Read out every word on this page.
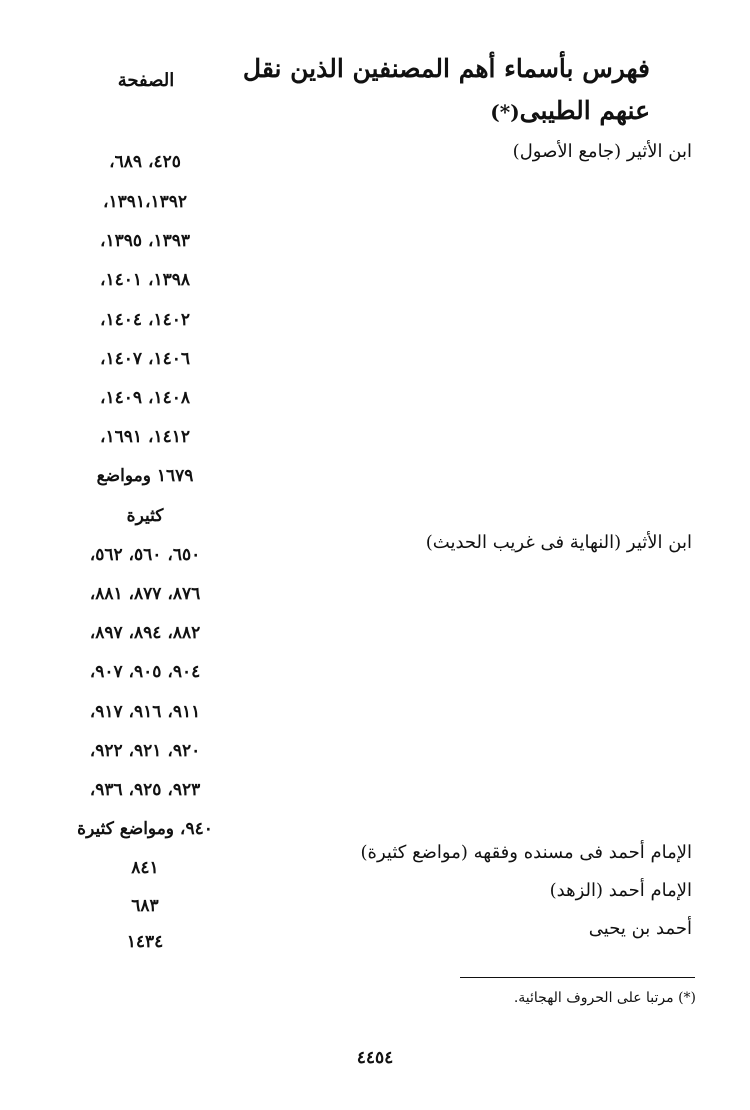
فهرس بأسماء أهم المصنفين الذين نقل عنهم الطيبى(*)
الصفحة
ابن الأثير (جامع الأصول)
ابن الأثير (النهاية فى غريب الحديث)
الإمام أحمد فى مسنده وفقهه (مواضع كثيرة)
الإمام أحمد (الزهد)
أحمد بن يحيى
٤٢٥، ٦٨٩،
١٣٩١،١٣٩٢،
١٣٩٣، ١٣٩٥،
١٣٩٨، ١٤٠١،
١٤٠٢، ١٤٠٤،
١٤٠٦، ١٤٠٧،
١٤٠٨، ١٤٠٩،
١٤١٢، ١٦٩١،
١٦٧٩ ومواضع
كثيرة
٦٥٠، ٥٦٠، ٥٦٢،
٨٧٦، ٨٧٧، ٨٨١،
٨٨٢، ٨٩٤، ٨٩٧،
٩٠٤، ٩٠٥، ٩٠٧،
٩١١، ٩١٦، ٩١٧،
٩٢٠، ٩٢١، ٩٢٢،
٩٢٣، ٩٢٥، ٩٣٦،
٩٤٠، ومواضع كثيرة
٨٤١
٦٨٣
١٤٣٤
(*) مرتبا على الحروف الهجائية.
٤٤٥٤
